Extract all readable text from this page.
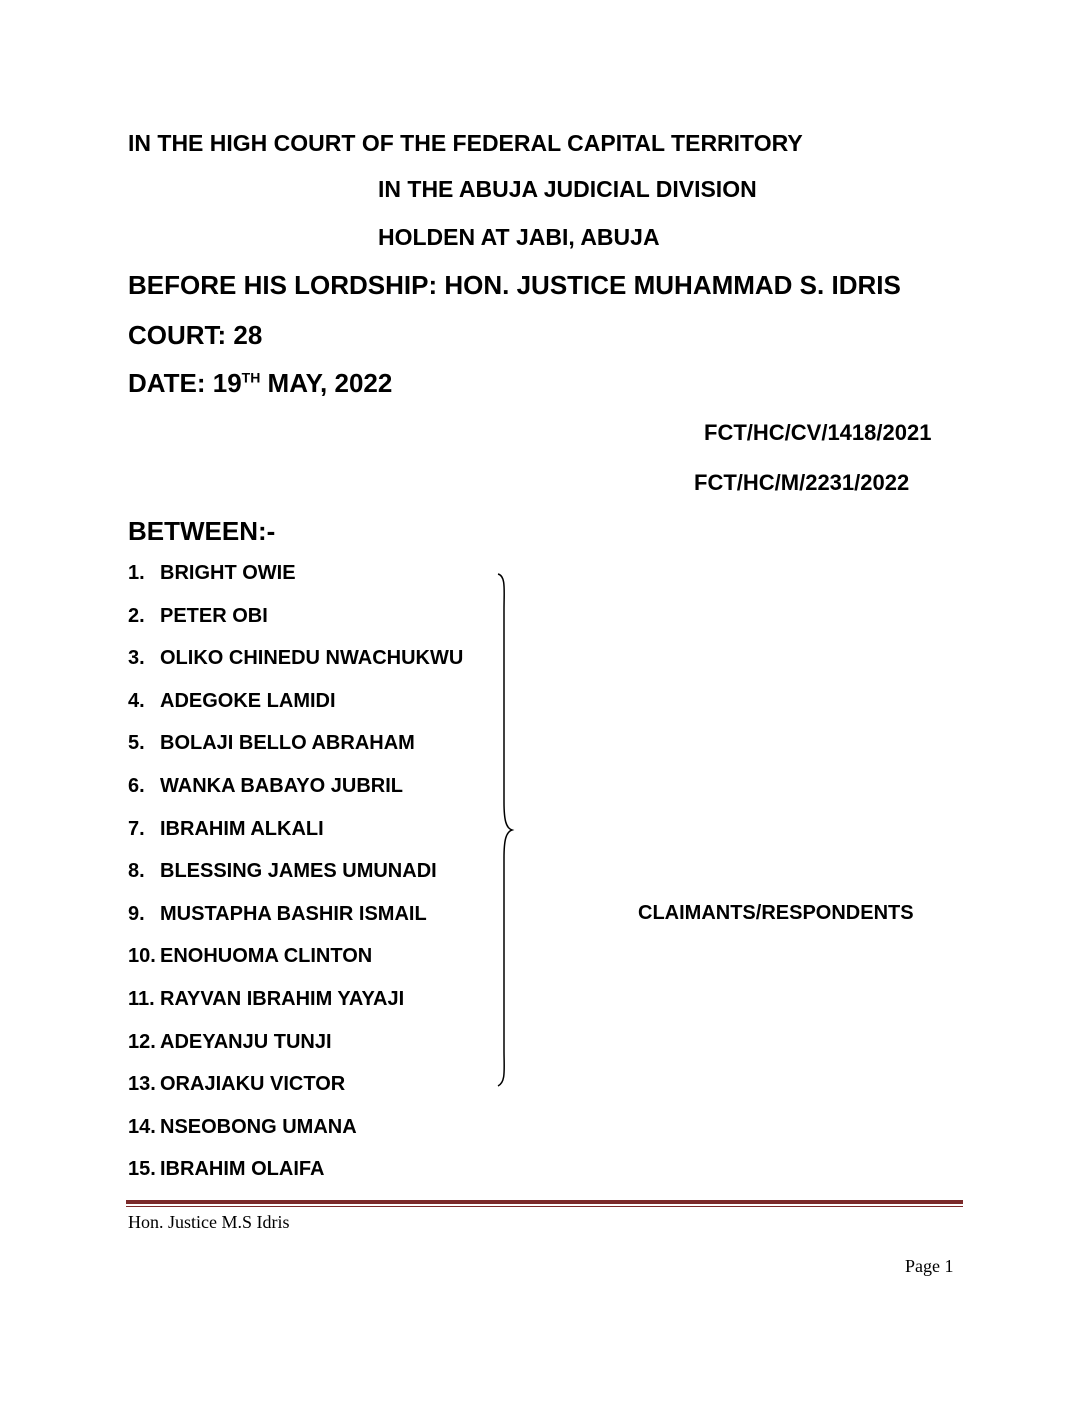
IN THE HIGH COURT OF THE FEDERAL CAPITAL TERRITORY
IN THE ABUJA JUDICIAL DIVISION
HOLDEN AT JABI, ABUJA
BEFORE HIS LORDSHIP: HON. JUSTICE MUHAMMAD S. IDRIS
COURT: 28
DATE: 19TH MAY, 2022
FCT/HC/CV/1418/2021
FCT/HC/M/2231/2022
BETWEEN:-
1. BRIGHT OWIE
2. PETER OBI
3. OLIKO CHINEDU NWACHUKWU
4. ADEGOKE LAMIDI
5. BOLAJI BELLO ABRAHAM
6. WANKA BABAYO JUBRIL
7. IBRAHIM ALKALI
8. BLESSING JAMES UMUNADI
9. MUSTAPHA BASHIR ISMAIL
10. ENOHUOMA CLINTON
11. RAYVAN IBRAHIM YAYAJI
12. ADEYANJU TUNJI
13. ORAJIAKU VICTOR
14. NSEOBONG UMANA
15. IBRAHIM OLAIFA
CLAIMANTS/RESPONDENTS
Hon. Justice M.S Idris
Page 1
